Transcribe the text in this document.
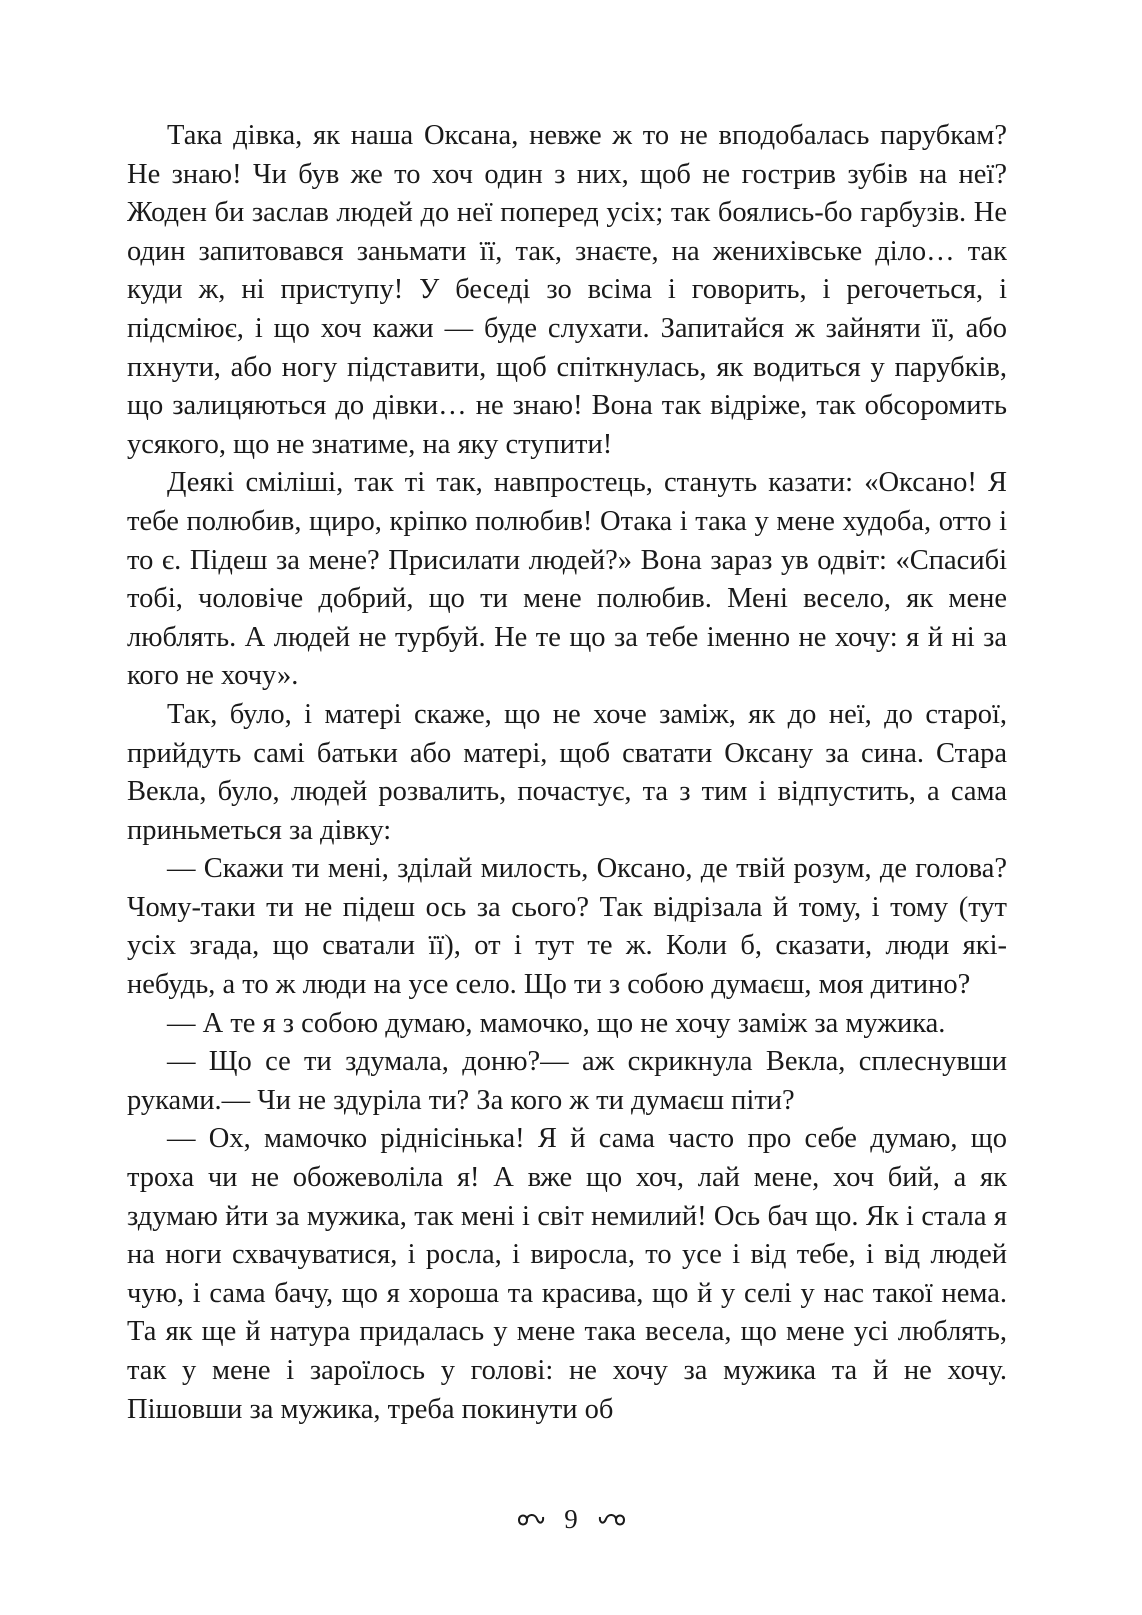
Така дівка, як наша Оксана, невже ж то не вподобалась парубкам? Не знаю! Чи був же то хоч один з них, щоб не гострив зубів на неї? Жоден би заслав людей до неї поперед усіх; так боялись-бо гарбузів. Не один запитовався заньмати її, так, знаєте, на женихівське діло… так куди ж, ні приступу! У беседі зо всіма і говорить, і регочеться, і підсміює, і що хоч кажи — буде слухати. Запитайся ж зайняти її, або пхнути, або ногу підставити, щоб спіткнулась, як водиться у парубків, що залицяються до дівки… не знаю! Вона так відріже, так обсоромить усякого, що не знатиме, на яку ступити!

Деякі сміліші, так ті так, навпростець, стануть казати: «Оксано! Я тебе полюбив, щиро, кріпко полюбив! Отака і така у мене худоба, отто і то є. Підеш за мене? Присилати людей?» Вона зараз ув одвіт: «Спасибі тобі, чоловіче добрий, що ти мене полюбив. Мені весело, як мене люблять. А людей не турбуй. Не те що за тебе іменно не хочу: я й ні за кого не хочу».

Так, було, і матері скаже, що не хоче заміж, як до неї, до старої, прийдуть самі батьки або матері, щоб сватати Оксану за сина. Стара Векла, було, людей розвалить, почастує, та з тим і відпустить, а сама приньметься за дівку:

— Скажи ти мені, зділай милость, Оксано, де твій розум, де голова? Чому-таки ти не підеш ось за сього? Так відрізала й тому, і тому (тут усіх згада, що сватали її), от і тут те ж. Коли б, сказати, люди які-небудь, а то ж люди на усе село. Що ти з собою думаєш, моя дитино?

— А те я з собою думаю, мамочко, що не хочу заміж за мужика.

— Що се ти здумала, доню?— аж скрикнула Векла, сплеснувши руками.— Чи не здуріла ти? За кого ж ти думаєш піти?

— Ох, мамочко ріднісінька! Я й сама часто про себе думаю, що троха чи не обожеволіла я! А вже що хоч, лай мене, хоч бий, а як здумаю йти за мужика, так мені і світ немилий! Ось бач що. Як і стала я на ноги схвачуватися, і росла, і виросла, то усе і від тебе, і від людей чую, і сама бачу, що я хороша та красива, що й у селі у нас такої нема. Та як ще й натура придалась у мене така весела, що мене усі люблять, так у мене і зароїлось у голові: не хочу за мужика та й не хочу. Пішовши за мужика, треба покинути об

9
